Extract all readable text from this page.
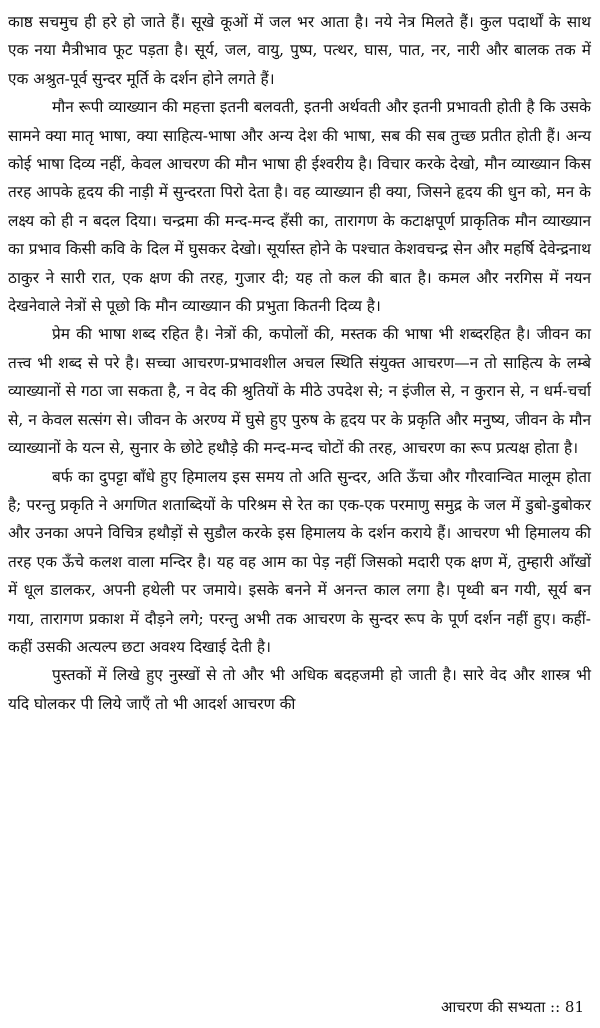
काष्ठ सचमुच ही हरे हो जाते हैं। सूखे कूओं में जल भर आता है। नये नेत्र मिलते हैं। कुल पदार्थों के साथ एक नया मैत्रीभाव फूट पड़ता है। सूर्य, जल, वायु, पुष्प, पत्थर, घास, पात, नर, नारी और बालक तक में एक अश्रुत-पूर्व सुन्दर मूर्ति के दर्शन होने लगते हैं।

मौन रूपी व्याख्यान की महत्ता इतनी बलवती, इतनी अर्थवती और इतनी प्रभावती होती है कि उसके सामने क्या मातृ भाषा, क्या साहित्य-भाषा और अन्य देश की भाषा, सब की सब तुच्छ प्रतीत होती हैं। अन्य कोई भाषा दिव्य नहीं, केवल आचरण की मौन भाषा ही ईश्वरीय है। विचार करके देखो, मौन व्याख्यान किस तरह आपके हृदय की नाड़ी में सुन्दरता पिरो देता है। वह व्याख्यान ही क्या, जिसने हृदय की धुन को, मन के लक्ष्य को ही न बदल दिया। चन्द्रमा की मन्द-मन्द हँसी का, तारागण के कटाक्षपूर्ण प्राकृतिक मौन व्याख्यान का प्रभाव किसी कवि के दिल में घुसकर देखो। सूर्यास्त होने के पश्चात केशवचन्द्र सेन और महर्षि देवेन्द्रनाथ ठाकुर ने सारी रात, एक क्षण की तरह, गुजार दी; यह तो कल की बात है। कमल और नरगिस में नयन देखनेवाले नेत्रों से पूछो कि मौन व्याख्यान की प्रभुता कितनी दिव्य है।

प्रेम की भाषा शब्द रहित है। नेत्रों की, कपोलों की, मस्तक की भाषा भी शब्दरहित है। जीवन का तत्त्व भी शब्द से परे है। सच्चा आचरण-प्रभावशील अचल स्थिति संयुक्त आचरण—न तो साहित्य के लम्बे व्याख्यानों से गठा जा सकता है, न वेद की श्रुतियों के मीठे उपदेश से; न इंजील से, न कुरान से, न धर्म-चर्चा से, न केवल सत्संग से। जीवन के अरण्य में घुसे हुए पुरुष के हृदय पर के प्रकृति और मनुष्य, जीवन के मौन व्याख्यानों के यत्न से, सुनार के छोटे हथौड़े की मन्द-मन्द चोटों की तरह, आचरण का रूप प्रत्यक्ष होता है।

बर्फ का दुपट्टा बाँधे हुए हिमालय इस समय तो अति सुन्दर, अति ऊँचा और गौरवान्वित मालूम होता है; परन्तु प्रकृति ने अगणित शताब्दियों के परिश्रम से रेत का एक-एक परमाणु समुद्र के जल में डुबो-डुबोकर और उनका अपने विचित्र हथौड़ों से सुडौल करके इस हिमालय के दर्शन कराये हैं। आचरण भी हिमालय की तरह एक ऊँचे कलश वाला मन्दिर है। यह वह आम का पेड़ नहीं जिसको मदारी एक क्षण में, तुम्हारी आँखों में धूल डालकर, अपनी हथेली पर जमाये। इसके बनने में अनन्त काल लगा है। पृथ्वी बन गयी, सूर्य बन गया, तारागण प्रकाश में दौड़ने लगे; परन्तु अभी तक आचरण के सुन्दर रूप के पूर्ण दर्शन नहीं हुए। कहीं-कहीं उसकी अत्यल्प छटा अवश्य दिखाई देती है।

पुस्तकों में लिखे हुए नुस्खों से तो और भी अधिक बदहजमी हो जाती है। सारे वेद और शास्त्र भी यदि घोलकर पी लिये जाएँ तो भी आदर्श आचरण की

आचरण की सभ्यता :: 81
